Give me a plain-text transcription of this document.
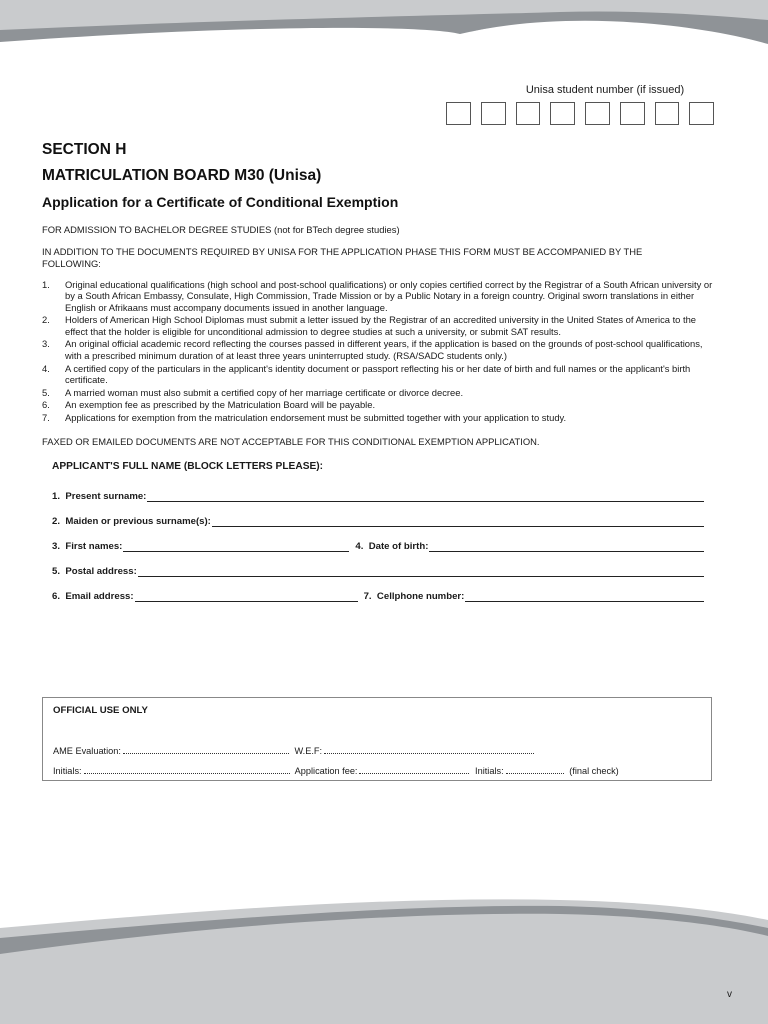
Unisa student number (if issued)
SECTION H
MATRICULATION BOARD M30 (Unisa)
Application for a Certificate of Conditional Exemption
FOR ADMISSION TO BACHELOR DEGREE STUDIES (not for BTech degree studies)
IN ADDITION TO THE DOCUMENTS REQUIRED BY UNISA FOR THE APPLICATION PHASE THIS FORM MUST BE ACCOMPANIED BY THE FOLLOWING:
1.	Original educational qualifications (high school and post-school qualifications) or only copies certified correct by the Registrar of a South African university or by a South African Embassy, Consulate, High Commission, Trade Mission or by a Public Notary in a foreign country. Original sworn translations in either English or Afrikaans must accompany documents issued in another language.
2.	Holders of American High School Diplomas must submit a letter issued by the Registrar of an accredited university in the United States of America to the effect that the holder is eligible for unconditional admission to degree studies at such a university, or submit SAT results.
3.	An original official academic record reflecting the courses passed in different years, if the application is based on the grounds of post-school qualifications, with a prescribed minimum duration of at least three years uninterrupted study. (RSA/SADC students only.)
4.	A certified copy of the particulars in the applicant's identity document or passport reflecting his or her date of birth and full names or the applicant's birth certificate.
5.	A married woman must also submit a certified copy of her marriage certificate or divorce decree.
6.	An exemption fee as prescribed by the Matriculation Board will be payable.
7.	Applications for exemption from the matriculation endorsement must be submitted together with your application to study.
FAXED OR EMAILED DOCUMENTS ARE NOT ACCEPTABLE FOR THIS CONDITIONAL EXEMPTION APPLICATION.
APPLICANT'S FULL NAME (BLOCK LETTERS PLEASE):
1.  Present surname:
2.  Maiden or previous surname(s):
3.  First names:	4.  Date of birth:
5.  Postal address:
6.  Email address:	7.  Cellphone number:
OFFICIAL USE ONLY
AME Evaluation:	W.E.F:
Initials:	Application fee:	Initials:	(final check)
v
